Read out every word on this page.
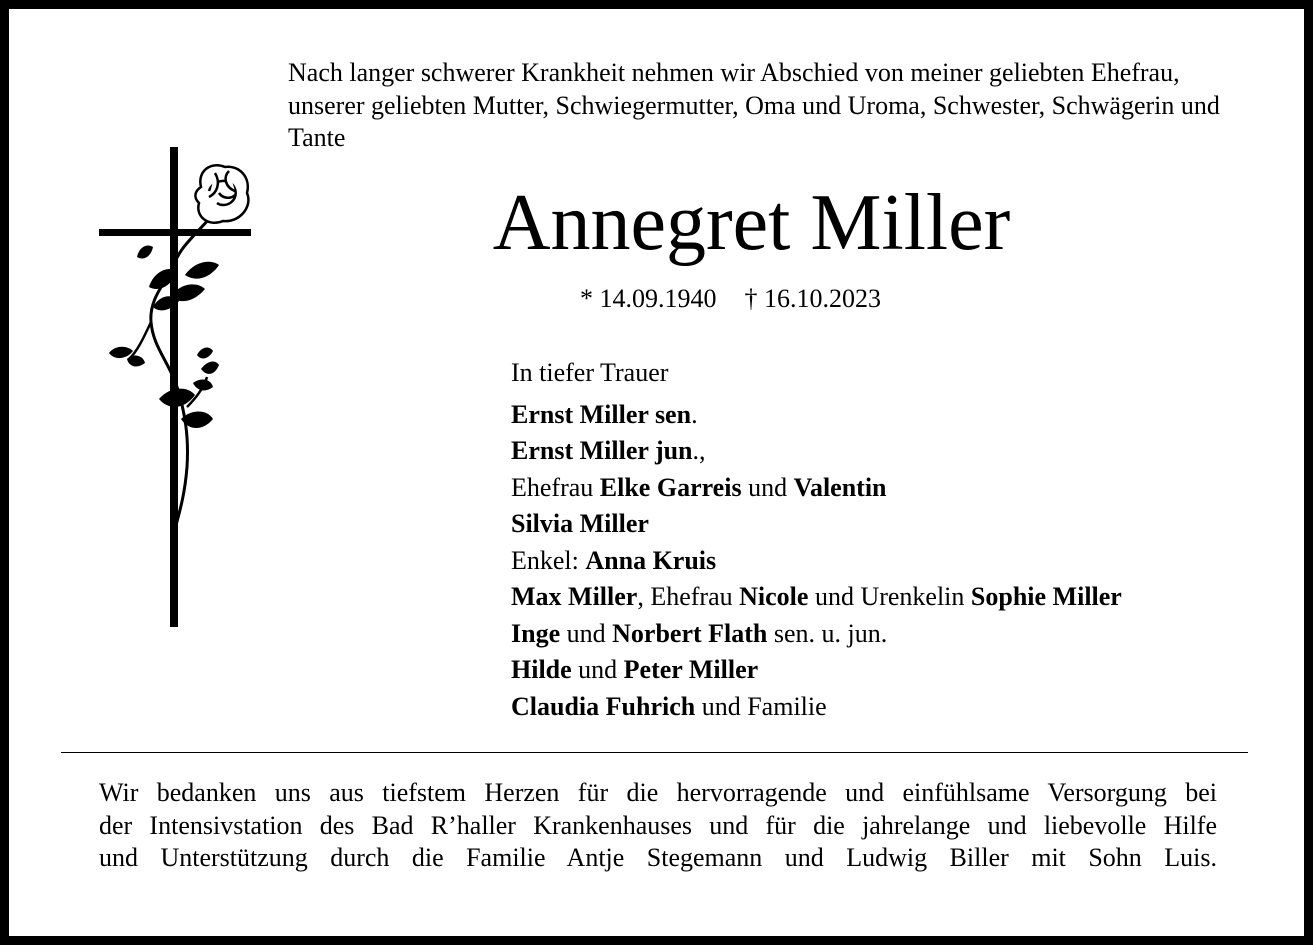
Nach langer schwerer Krankheit nehmen wir Abschied von meiner geliebten Ehefrau, unserer geliebten Mutter, Schwiegermutter, Oma und Uroma, Schwester, Schwägerin und Tante

Annegret Miller
* 14.09.1940 † 16.10.2023
In tiefer Trauer
Ernst Miller sen.
Ernst Miller jun.,
Ehefrau Elke Garreis und Valentin
Silvia Miller
Enkel: Anna Kruis
Max Miller, Ehefrau Nicole und Urenkelin Sophie Miller
Inge und Norbert Flath sen. u. jun.
Hilde und Peter Miller
Claudia Fuhrich und Familie

Wir bedanken uns aus tiefstem Herzen für die hervorragende und einfühlsame Versorgung bei
der Intensivstation des Bad R’haller Krankenhauses und für die jahrelange und liebevolle Hilfe
und Unterstützung durch die Familie Antje Stegemann und Ludwig Biller mit Sohn Luis.
